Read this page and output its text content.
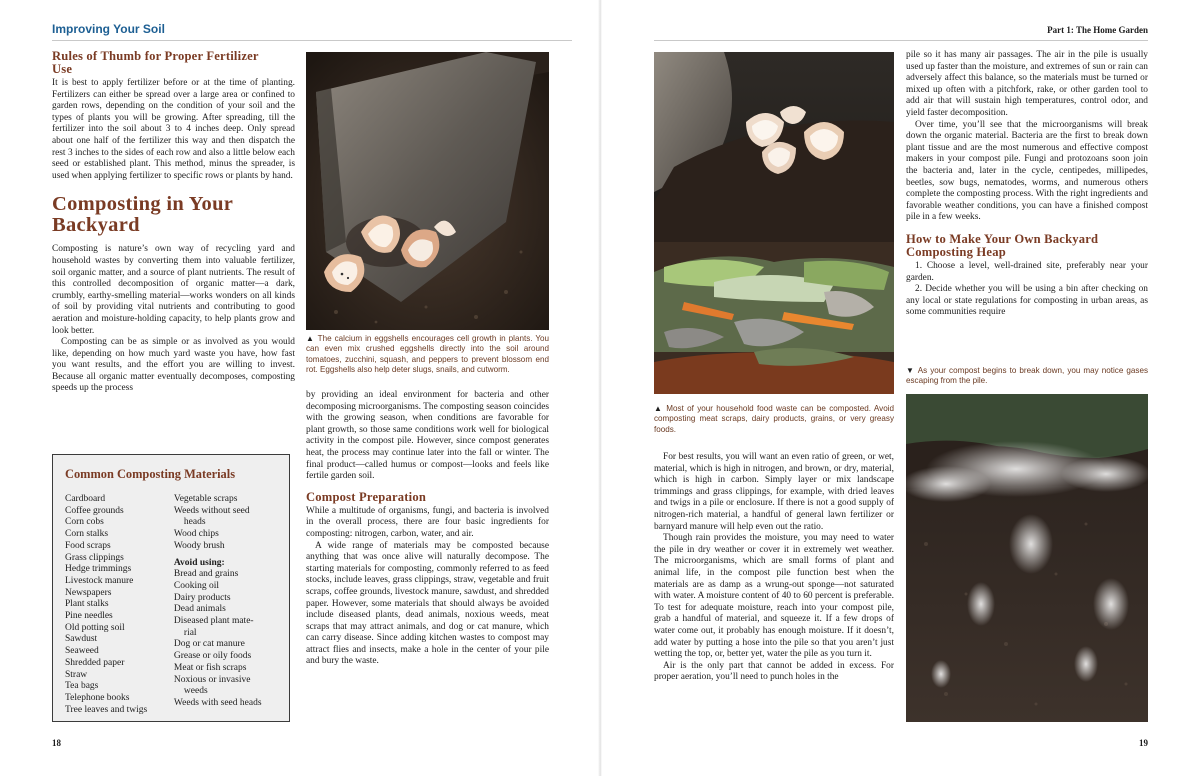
Improving Your Soil
Rules of Thumb for Proper Fertilizer
Use

It is best to apply fertilizer before or at the time of planting. Fertilizers can either be spread over a large area or confined to garden rows, depending on the condition of your soil and the types of plants you will be growing. After spreading, till the fertilizer into the soil about 3 to 4 inches deep. Only spread about one half of the fertilizer this way and then dispatch the rest 3 inches to the sides of each row and also a little below each seed or established plant. This method, minus the spreader, is used when applying fertilizer to specific rows or plants by hand.

Composting in Your
Backyard

Composting is nature’s own way of recycling yard and household wastes by converting them into valuable fertilizer, soil organic matter, and a source of plant nutrients. The result of this controlled decomposition of organic matter—a dark, crumbly, earthy-smelling material—works wonders on all kinds of soil by providing vital nutrients and contributing to good aeration and moisture-holding capacity, to help plants grow and look better.

Composting can be as simple or as involved as you would like, depending on how much yard waste you have, how fast you want results, and the effort you are willing to invest. Because all organic matter eventually decomposes, composting speeds up the process

Common Composting Materials
Cardboard
Coffee grounds
Corn cobs
Corn stalks
Food scraps
Grass clippings
Hedge trimmings
Livestock manure
Newspapers
Plant stalks
Pine needles
Old potting soil
Sawdust
Seaweed
Shredded paper
Straw
Tea bags
Telephone books
Tree leaves and twigs
Vegetable scraps
Weeds without seed
heads
Wood chips
Woody brush
Avoid using:
Bread and grains
Cooking oil
Dairy products
Dead animals
Diseased plant mate-
rial
Dog or cat manure
Grease or oily foods
Meat or fish scraps
Noxious or invasive
weeds
Weeds with seed heads
▲ The calcium in eggshells encourages cell growth in plants. You can even mix crushed eggshells directly into the soil around tomatoes, zucchini, squash, and peppers to prevent blossom end rot. Eggshells also help deter slugs, snails, and cutworm.

by providing an ideal environment for bacteria and other decomposing microorganisms. The composting season coincides with the growing season, when conditions are favorable for plant growth, so those same conditions work well for biological activity in the compost pile. However, since compost generates heat, the process may continue later into the fall or winter. The final product—called humus or compost—looks and feels like fertile garden soil.

Compost Preparation

While a multitude of organisms, fungi, and bacteria is involved in the overall process, there are four basic ingredients for composting: nitrogen, carbon, water, and air.

A wide range of materials may be composted because anything that was once alive will naturally decompose. The starting materials for composting, commonly referred to as feed stocks, include leaves, grass clippings, straw, vegetable and fruit scraps, coffee grounds, livestock manure, sawdust, and shredded paper. However, some materials that should always be avoided include diseased plants, dead animals, noxious weeds, meat scraps that may attract animals, and dog or cat manure, which can carry disease. Since adding kitchen wastes to compost may attract flies and insects, make a hole in the center of your pile and bury the waste.

18
Part 1: The Home Garden
▲ Most of your household food waste can be composted. Avoid composting meat scraps, dairy products, grains, or very greasy foods.

For best results, you will want an even ratio of green, or wet, material, which is high in nitrogen, and brown, or dry, material, which is high in carbon. Simply layer or mix landscape trimmings and grass clippings, for example, with dried leaves and twigs in a pile or enclosure. If there is not a good supply of nitrogen-rich material, a handful of general lawn fertilizer or barnyard manure will help even out the ratio.

Though rain provides the moisture, you may need to water the pile in dry weather or cover it in extremely wet weather. The microorganisms, which are small forms of plant and animal life, in the compost pile function best when the materials are as damp as a wrung-out sponge—not saturated with water. A moisture content of 40 to 60 percent is preferable. To test for adequate moisture, reach into your compost pile, grab a handful of material, and squeeze it. If a few drops of water come out, it probably has enough moisture. If it doesn’t, add water by putting a hose into the pile so that you aren’t just wetting the top, or, better yet, water the pile as you turn it.

Air is the only part that cannot be added in excess. For proper aeration, you’ll need to punch holes in the

pile so it has many air passages. The air in the pile is usually used up faster than the moisture, and extremes of sun or rain can adversely affect this balance, so the materials must be turned or mixed up often with a pitchfork, rake, or other garden tool to add air that will sustain high temperatures, control odor, and yield faster decomposition.

Over time, you’ll see that the microorganisms will break down the organic material. Bacteria are the first to break down plant tissue and are the most numerous and effective compost makers in your compost pile. Fungi and protozoans soon join the bacteria and, later in the cycle, centipedes, millipedes, beetles, sow bugs, nematodes, worms, and numerous others complete the composting process. With the right ingredients and favorable weather conditions, you can have a finished compost pile in a few weeks.

How to Make Your Own Backyard
Composting Heap
1. Choose a level, well-drained site, preferably near your garden.
2. Decide whether you will be using a bin after checking on any local or state regulations for composting in urban areas, as some communities require
▼ As your compost begins to break down, you may notice gases escaping from the pile.
19
